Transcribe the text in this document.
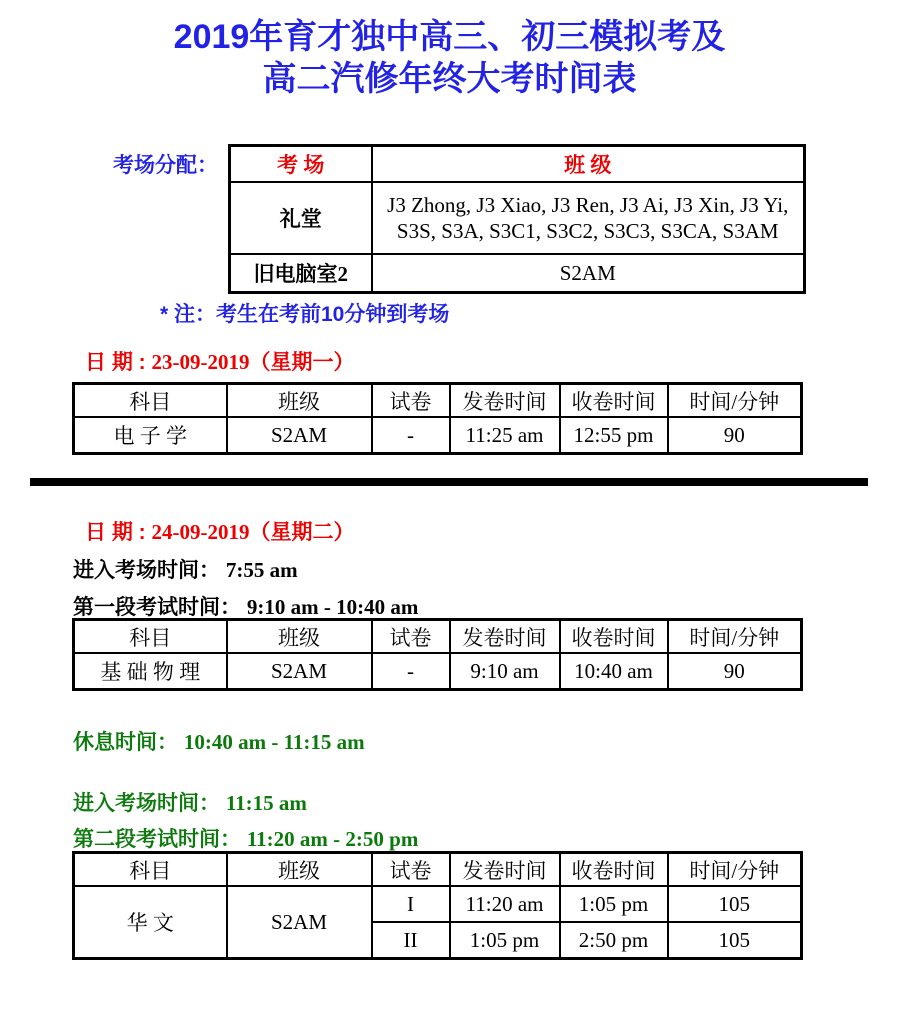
2019年育才独中高三、初三模拟考及
高二汽修年终大考时间表
考场分配：	考 场	班 级
礼堂	J3 Zhong, J3 Xiao, J3 Ren, J3 Ai, J3 Xin, J3 Yi, S3S, S3A, S3C1, S3C2, S3C3, S3CA, S3AM
旧电脑室2	S2AM
* 注：考生在考前10分钟到考场
日 期 : 23-09-2019（星期一）
科目	班级	试卷	发卷时间	收卷时间	时间/分钟
电 子 学	S2AM	-	11:25 am	12:55 pm	90
日 期 : 24-09-2019（星期二）
进入考场时间： 7:55 am
第一段考试时间： 9:10 am - 10:40 am
科目	班级	试卷	发卷时间	收卷时间	时间/分钟
基 础 物 理	S2AM	-	9:10 am	10:40 am	90
休息时间： 10:40 am - 11:15 am
进入考场时间： 11:15 am
第二段考试时间： 11:20 am - 2:50 pm
科目	班级	试卷	发卷时间	收卷时间	时间/分钟
华 文	S2AM	I	11:20 am	1:05 pm	105
		II	1:05 pm	2:50 pm	105
